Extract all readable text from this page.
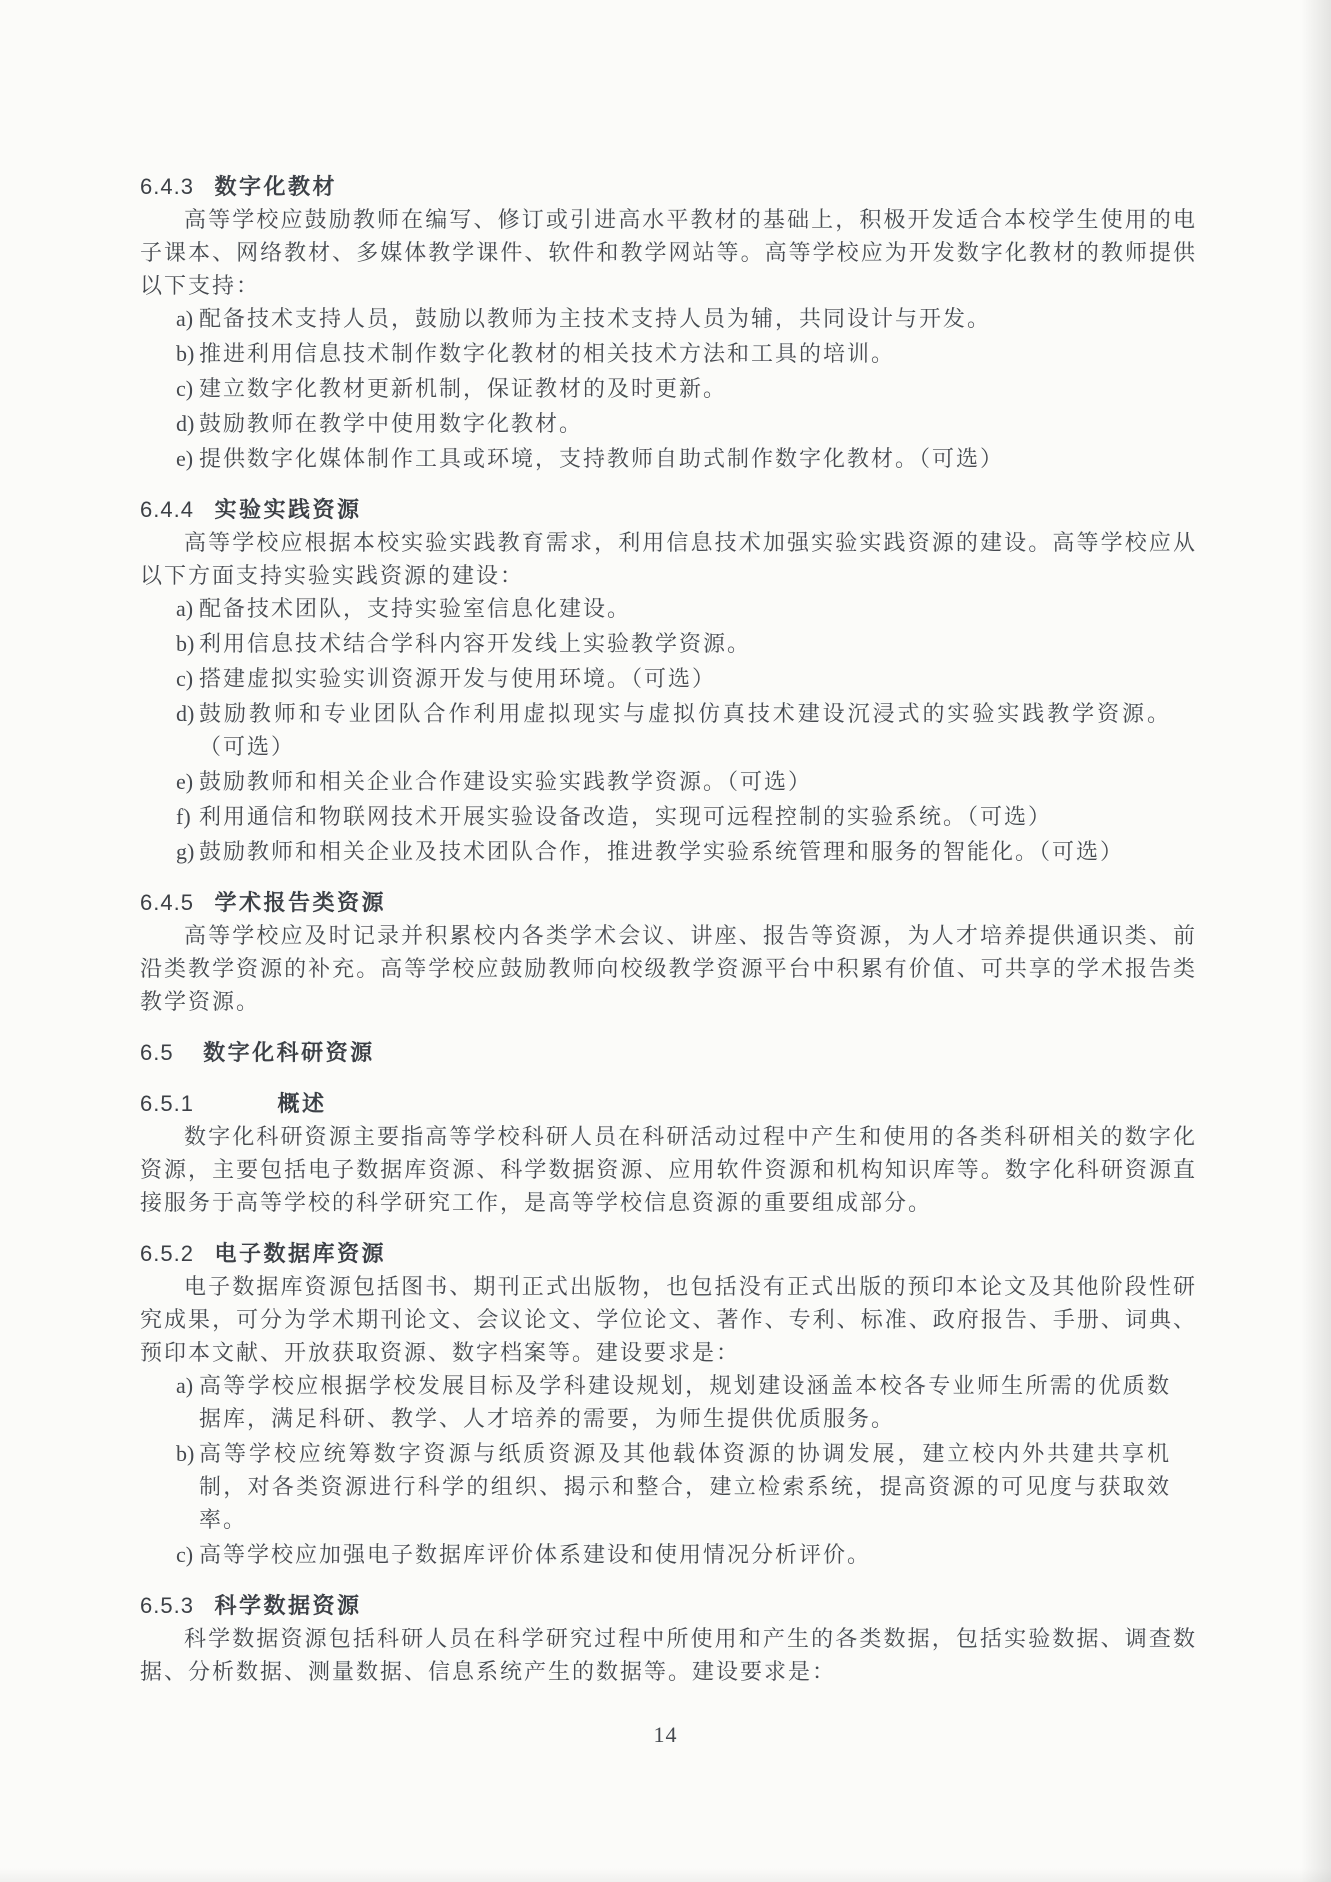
6.4.3 数字化教材

高等学校应鼓励教师在编写、修订或引进高水平教材的基础上，积极开发适合本校学生使用的电子课本、网络教材、多媒体教学课件、软件和教学网站等。高等学校应为开发数字化教材的教师提供以下支持：

a) 配备技术支持人员，鼓励以教师为主技术支持人员为辅，共同设计与开发。
b) 推进利用信息技术制作数字化教材的相关技术方法和工具的培训。
c) 建立数字化教材更新机制，保证教材的及时更新。
d) 鼓励教师在教学中使用数字化教材。
e) 提供数字化媒体制作工具或环境，支持教师自助式制作数字化教材。（可选）
6.4.4 实验实践资源

高等学校应根据本校实验实践教育需求，利用信息技术加强实验实践资源的建设。高等学校应从以下方面支持实验实践资源的建设：

a) 配备技术团队，支持实验室信息化建设。
b) 利用信息技术结合学科内容开发线上实验教学资源。
c) 搭建虚拟实验实训资源开发与使用环境。（可选）
d) 鼓励教师和专业团队合作利用虚拟现实与虚拟仿真技术建设沉浸式的实验实践教学资源。（可选）
e) 鼓励教师和相关企业合作建设实验实践教学资源。（可选）
f) 利用通信和物联网技术开展实验设备改造，实现可远程控制的实验系统。（可选）
g) 鼓励教师和相关企业及技术团队合作，推进教学实验系统管理和服务的智能化。（可选）
6.4.5 学术报告类资源

高等学校应及时记录并积累校内各类学术会议、讲座、报告等资源，为人才培养提供通识类、前沿类教学资源的补充。高等学校应鼓励教师向校级教学资源平台中积累有价值、可共享的学术报告类教学资源。

6.5 数字化科研资源
6.5.1	概述

数字化科研资源主要指高等学校科研人员在科研活动过程中产生和使用的各类科研相关的数字化资源，主要包括电子数据库资源、科学数据资源、应用软件资源和机构知识库等。数字化科研资源直接服务于高等学校的科学研究工作，是高等学校信息资源的重要组成部分。

6.5.2 电子数据库资源

电子数据库资源包括图书、期刊正式出版物，也包括没有正式出版的预印本论文及其他阶段性研究成果，可分为学术期刊论文、会议论文、学位论文、著作、专利、标准、政府报告、手册、词典、预印本文献、开放获取资源、数字档案等。建设要求是：

a) 高等学校应根据学校发展目标及学科建设规划，规划建设涵盖本校各专业师生所需的优质数据库，满足科研、教学、人才培养的需要，为师生提供优质服务。
b) 高等学校应统筹数字资源与纸质资源及其他载体资源的协调发展，建立校内外共建共享机制，对各类资源进行科学的组织、揭示和整合，建立检索系统，提高资源的可见度与获取效率。
c) 高等学校应加强电子数据库评价体系建设和使用情况分析评价。
6.5.3 科学数据资源

科学数据资源包括科研人员在科学研究过程中所使用和产生的各类数据，包括实验数据、调查数据、分析数据、测量数据、信息系统产生的数据等。建设要求是：

14
